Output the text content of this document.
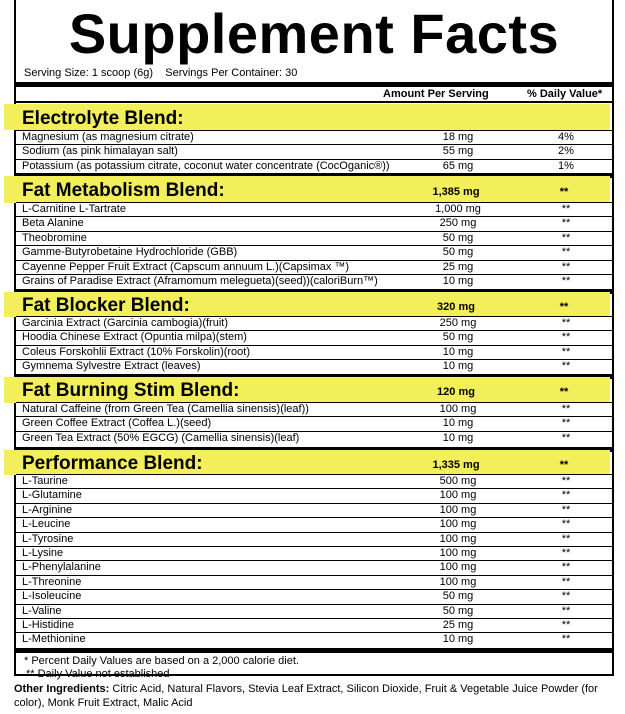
Supplement Facts
Serving Size: 1 scoop (6g) Servings Per Container: 30
Amount Per Serving	% Daily Value*
Electrolyte Blend:
Magnesium (as magnesium citrate)	18 mg	4%
Sodium (as pink himalayan salt)	55 mg	2%
Potassium (as potassium citrate, coconut water concentrate (CocOganic®))	65 mg	1%
Fat Metabolism Blend:	1,385 mg	**
L-Carnitine L-Tartrate	1,000 mg	**
Beta Alanine	250 mg	**
Theobromine	50 mg	**
Gamme-Butyrobetaine Hydrochloride (GBB)	50 mg	**
Cayenne Pepper Fruit Extract (Capscum annuum L.)(Capsimax ™)	25 mg	**
Grains of Paradise Extract (Aframomum melegueta)(seed))(caloriBurn™)	10 mg	**
Fat Blocker Blend:	320 mg	**
Garcinia Extract (Garcinia cambogia)(fruit)	250 mg	**
Hoodia Chinese Extract (Opuntia milpa)(stem)	50 mg	**
Coleus Forskohlii Extract (10% Forskolin)(root)	10 mg	**
Gymnema Sylvestre Extract (leaves)	10 mg	**
Fat Burning Stim Blend:	120 mg	**
Natural Caffeine (from Green Tea (Camellia sinensis)(leaf))	100 mg	**
Green Coffee Extract (Coffea L.)(seed)	10 mg	**
Green Tea Extract (50% EGCG) (Camellia sinensis)(leaf)	10 mg	**
Performance Blend:	1,335 mg	**
L-Taurine	500 mg	**
L-Glutamine	100 mg	**
L-Arginine	100 mg	**
L-Leucine	100 mg	**
L-Tyrosine	100 mg	**
L-Lysine	100 mg	**
L-Phenylalanine	100 mg	**
L-Threonine	100 mg	**
L-Isoleucine	50 mg	**
L-Valine	50 mg	**
L-Histidine	25 mg	**
L-Methionine	10 mg	**
** Daily Value not established
* Percent Daily Values are based on a 2,000 calorie diet.
Other Ingredients: Citric Acid, Natural Flavors, Stevia Leaf Extract, Silicon Dioxide, Fruit & Vegetable Juice Powder (for color), Monk Fruit Extract, Malic Acid
